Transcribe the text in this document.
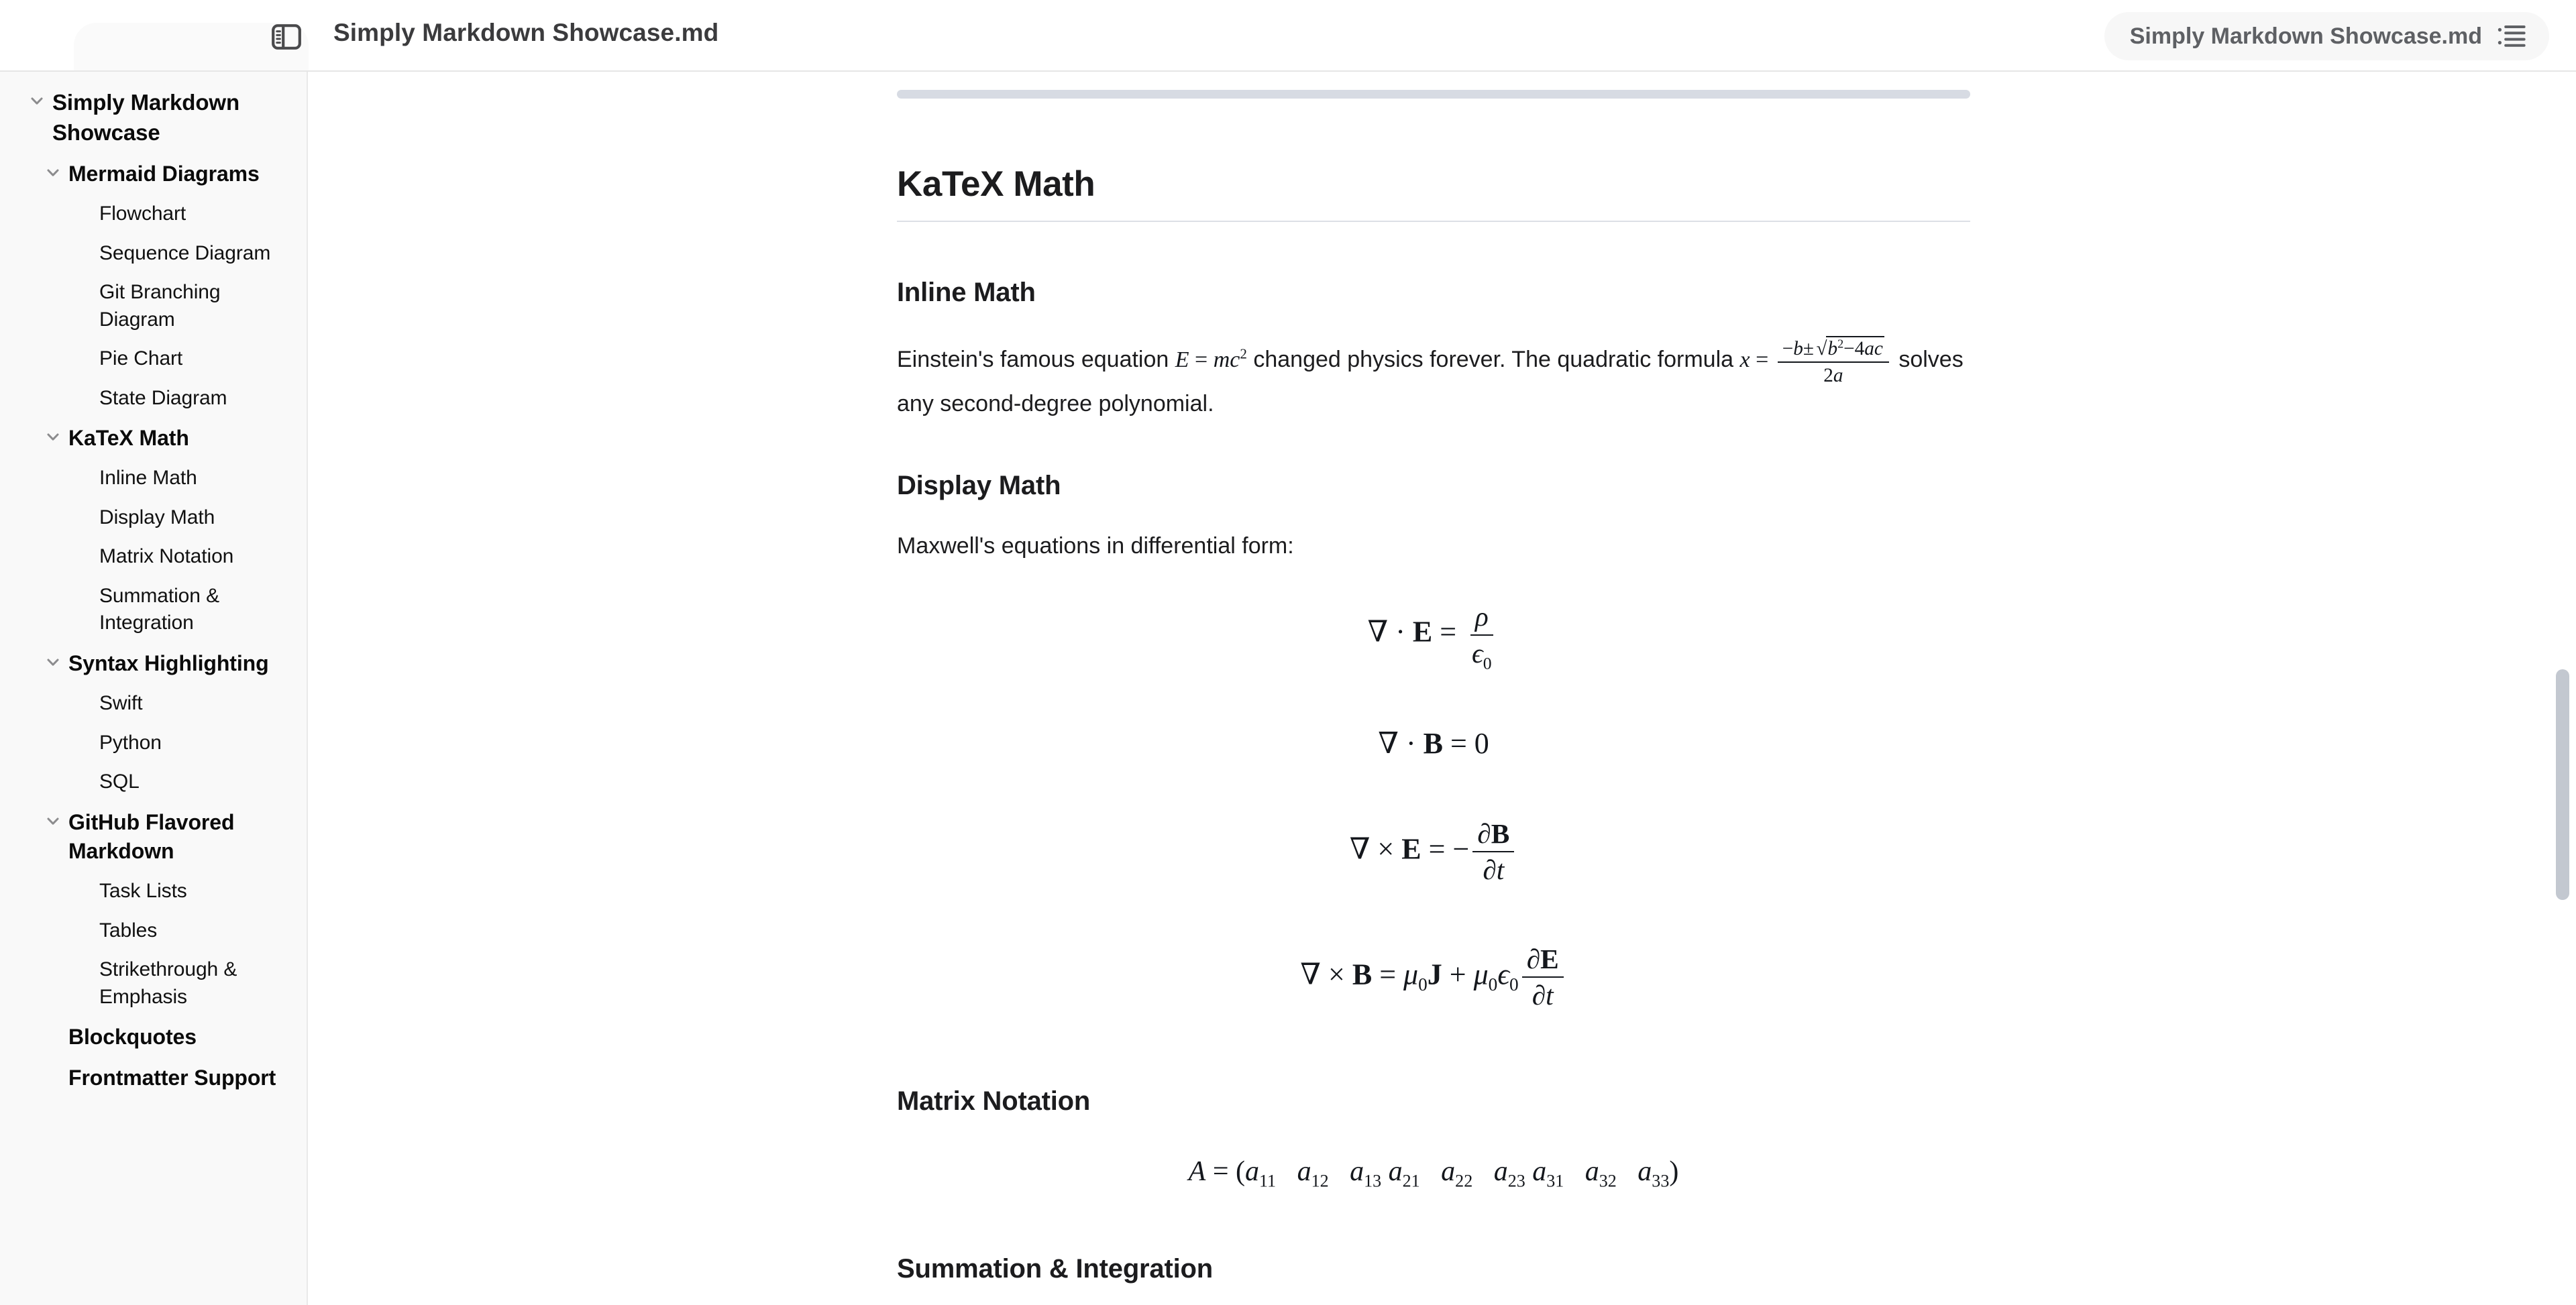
Simply Markdown Showcase.md	Simply Markdown Showcase.md
Simply Markdown Showcase
Mermaid Diagrams
Flowchart
Sequence Diagram
Git Branching Diagram
Pie Chart
State Diagram
KaTeX Math
Inline Math
Display Math
Matrix Notation
Summation & Integration
Syntax Highlighting
Swift
Python
SQL
GitHub Flavored Markdown
Task Lists
Tables
Strikethrough & Emphasis
Blockquotes
Frontmatter Support
KaTeX Math
Inline Math

Einstein's famous equation $E = mc^2$ changed physics forever. The quadratic formula $x = \frac{-b\pm √b^2-4ac}{2a}$ solves any second-degree polynomial.

Display Math

Maxwell's equations in differential form:

∇ · $E = \frac{\rho}{\epsilon_0}$
∇ · B = 0
∇ × E = − $\frac{\partial B}{\partial t}$
∇ × $B = \mu_0J + \mu_0\epsilon_0 \frac{\partial E}{\partial t}$
Matrix Notation
$A = (a_{11}$ $a_{12}$ $a_{13}$ $a_{21}$ $a_{22}$ $a_{23}$ $a_{31}$ $a_{32}$ $a_{33}$)
Summation & Integration
